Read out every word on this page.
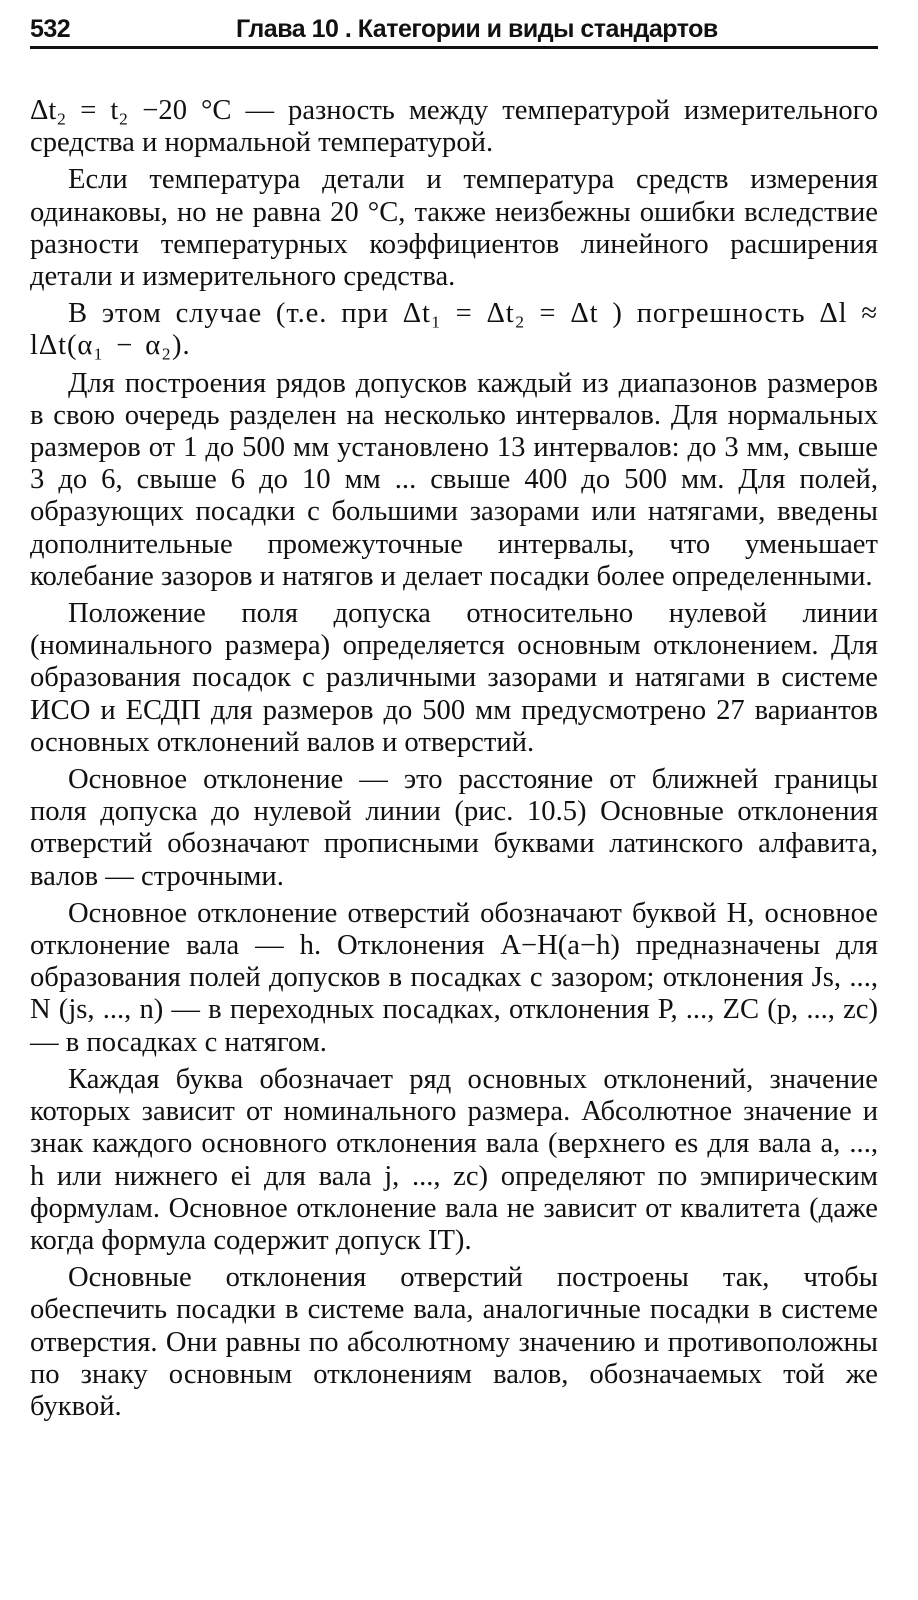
532	Глава 10 . Категории и виды стандартов

Δt₂ = t₂ −20 °C — разность между температурой измерительного средства и нормальной температурой.

Если температура детали и температура средств измерения одинаковы, но не равна 20 °C, также неизбежны ошибки вследствие разности температурных коэффициентов линейного расширения детали и измерительного средства.

В этом случае (т.е. при Δt₁ = Δt₂ = Δt ) погрешность Δl ≈ lΔt(α₁ − α₂).

Для построения рядов допусков каждый из диапазонов размеров в свою очередь разделен на несколько интервалов. Для нормальных размеров от 1 до 500 мм установлено 13 интервалов: до 3 мм, свыше 3 до 6, свыше 6 до 10 мм ... свыше 400 до 500 мм. Для полей, образующих посадки с большими зазорами или натягами, введены дополнительные промежуточные интервалы, что уменьшает колебание зазоров и натягов и делает посадки более определенными.

Положение поля допуска относительно нулевой линии (номинального размера) определяется основным отклонением. Для образования посадок с различными зазорами и натягами в системе ИСО и ЕСДП для размеров до 500 мм предусмотрено 27 вариантов основных отклонений валов и отверстий.

Основное отклонение — это расстояние от ближней границы поля допуска до нулевой линии (рис. 10.5) Основные отклонения отверстий обозначают прописными буквами латинского алфавита, валов — строчными.

Основное отклонение отверстий обозначают буквой H, основное отклонение вала — h. Отклонения A−H(a−h) предназначены для образования полей допусков в посадках с зазором; отклонения Js, ..., N (js, ..., n) — в переходных посадках, отклонения P, ..., ZC (p, ..., zc) — в посадках с натягом.

Каждая буква обозначает ряд основных отклонений, значение которых зависит от номинального размера. Абсолютное значение и знак каждого основного отклонения вала (верхнего es для вала a, ..., h или нижнего ei для вала j, ..., zc) определяют по эмпирическим формулам. Основное отклонение вала не зависит от квалитета (даже когда формула содержит допуск IT).

Основные отклонения отверстий построены так, чтобы обеспечить посадки в системе вала, аналогичные посадки в системе отверстия. Они равны по абсолютному значению и противоположны по знаку основным отклонениям валов, обозначаемых той же буквой.
